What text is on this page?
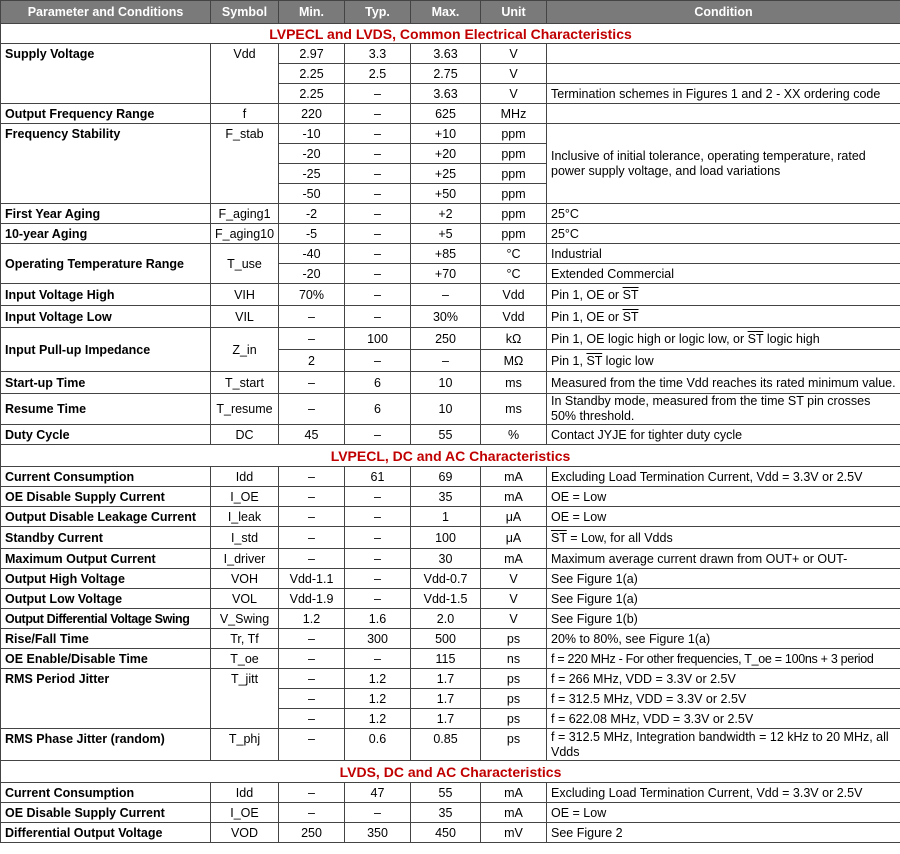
Parameter and Conditions	Symbol	Min.	Typ.	Max.	Unit	Condition
LVPECL and LVDS, Common Electrical Characteristics						
Supply Voltage	Vdd	2.97	3.3	3.63	V	
		2.25	2.5	2.75	V	
		2.25	–	3.63	V	Termination schemes in Figures 1 and 2 - XX ordering code
Output Frequency Range	f	220	–	625	MHz	
Frequency Stability	F_stab	-10	–	+10	ppm	Inclusive of initial tolerance, operating temperature, rated power supply voltage, and load variations
		-20	–	+20	ppm	
		-25	–	+25	ppm	
		-50	–	+50	ppm	
First Year Aging	F_aging1	-2	–	+2	ppm	25°C
10-year Aging	F_aging10	-5	–	+5	ppm	25°C
Operating Temperature Range	T_use	-40	–	+85	°C	Industrial
		-20	–	+70	°C	Extended Commercial
Input Voltage High	VIH	70%	–	–	Vdd	Pin 1, OE or $\overline{ST}$
Input Voltage Low	VIL	–	–	30%	Vdd	Pin 1, OE or $\overline{ST}$
Input Pull-up Impedance	Z_in	–	100	250	kΩ	Pin 1, OE logic high or logic low, or $\overline{ST}$ logic high
		2	–	–	MΩ	Pin 1, $\overline{ST}$ logic low
Start-up Time	T_start	–	6	10	ms	Measured from the time Vdd reaches its rated minimum value.
Resume Time	T_resume	–	6	10	ms	In Standby mode, measured from the time $\overline{ST}$ pin crosses 50% threshold.
Duty Cycle	DC	45	–	55	%	Contact JYJE for tighter duty cycle
LVPECL, DC and AC Characteristics						
Current Consumption	Idd	–	61	69	mA	Excluding Load Termination Current, Vdd = 3.3V or 2.5V
OE Disable Supply Current	I_OE	–	–	35	mA	OE = Low
Output Disable Leakage Current	I_leak	–	–	1	μA	OE = Low
Standby Current	I_std	–	–	100	μA	$\overline{ST}$ = Low, for all Vdds
Maximum Output Current	I_driver	–	–	30	mA	Maximum average current drawn from OUT+ or OUT-
Output High Voltage	VOH	Vdd-1.1	–	Vdd-0.7	V	See Figure 1(a)
Output Low Voltage	VOL	Vdd-1.9	–	Vdd-1.5	V	See Figure 1(a)
Output Differential Voltage Swing	V_Swing	1.2	1.6	2.0	V	See Figure 1(b)
Rise/Fall Time	Tr, Tf	–	300	500	ps	20% to 80%, see Figure 1(a)
OE Enable/Disable Time	T_oe	–	–	115	ns	f = 220 MHz - For other frequencies, T_oe = 100ns + 3 period
RMS Period Jitter	T_jitt	–	1.2	1.7	ps	f = 266 MHz, VDD = 3.3V or 2.5V
		–	1.2	1.7	ps	f = 312.5 MHz, VDD = 3.3V or 2.5V
		–	1.2	1.7	ps	f = 622.08 MHz, VDD = 3.3V or 2.5V
RMS Phase Jitter (random)	T_phj	–	0.6	0.85	ps	f = 312.5 MHz, Integration bandwidth = 12 kHz to 20 MHz, all Vdds
LVDS, DC and AC Characteristics						
Current Consumption	Idd	–	47	55	mA	Excluding Load Termination Current, Vdd = 3.3V or 2.5V
OE Disable Supply Current	I_OE	–	–	35	mA	OE = Low
Differential Output Voltage	VOD	250	350	450	mV	See Figure 2
